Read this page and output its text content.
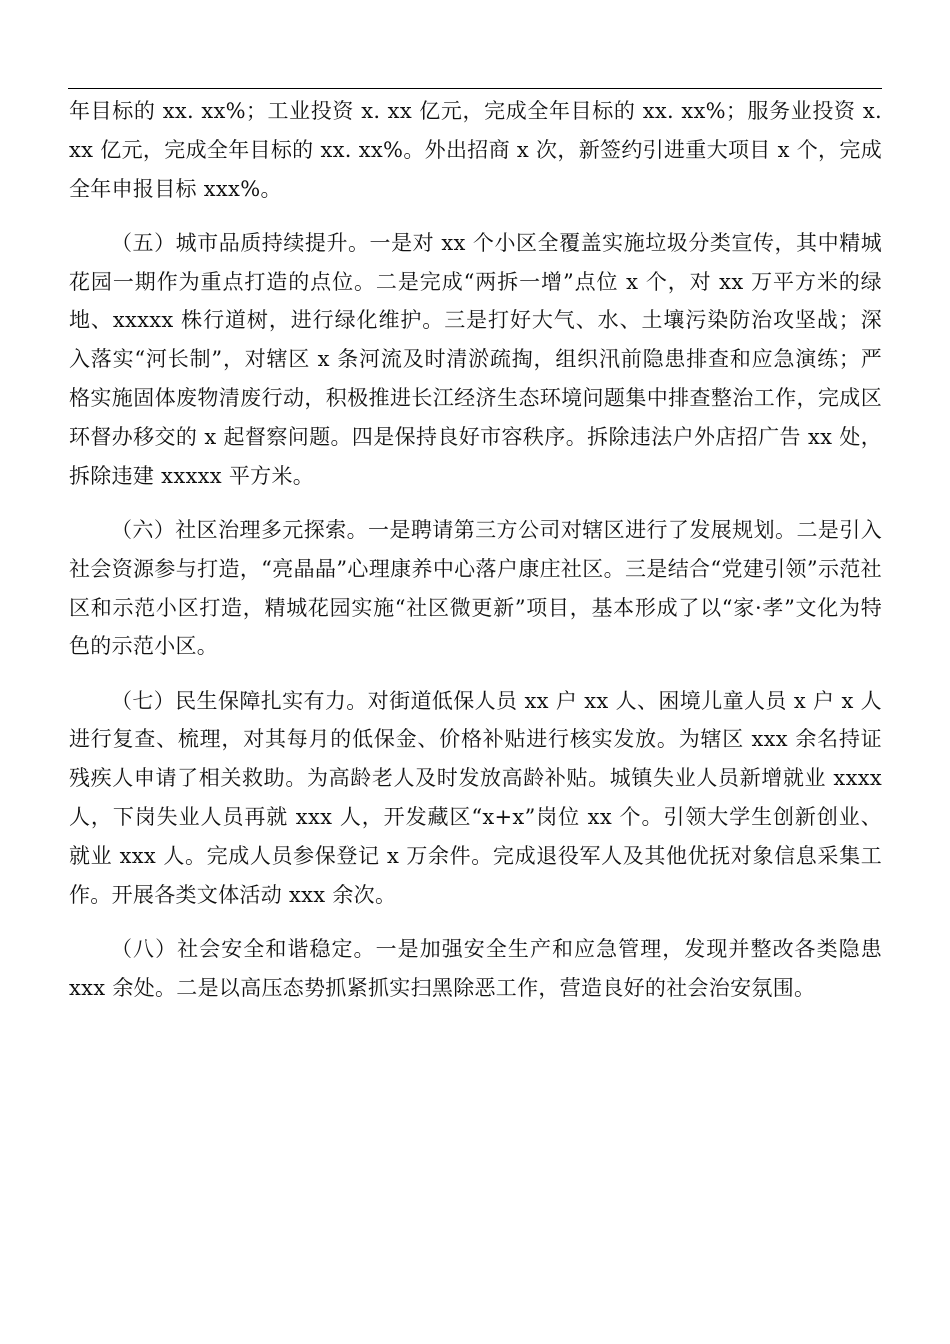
年目标的 xx. xx%；工业投资 x. xx 亿元，完成全年目标的 xx. xx%；服务业投资 x. xx 亿元，完成全年目标的 xx. xx%。外出招商 x 次，新签约引进重大项目 x 个，完成全年申报目标 xxx%。

（五）城市品质持续提升。一是对 xx 个小区全覆盖实施垃圾分类宣传，其中精城花园一期作为重点打造的点位。二是完成“两拆一增”点位 x 个，对 xx 万平方米的绿地、xxxxx 株行道树，进行绿化维护。三是打好大气、水、土壤污染防治攻坚战；深入落实“河长制”，对辖区 x 条河流及时清淤疏掏，组织汛前隐患排查和应急演练；严格实施固体废物清废行动，积极推进长江经济生态环境问题集中排查整治工作，完成区环督办移交的 x 起督察问题。四是保持良好市容秩序。拆除违法户外店招广告 xx 处，拆除违建 xxxxx 平方米。

（六）社区治理多元探索。一是聘请第三方公司对辖区进行了发展规划。二是引入社会资源参与打造，“亮晶晶”心理康养中心落户康庄社区。三是结合“党建引领”示范社区和示范小区打造，精城花园实施“社区微更新”项目，基本形成了以“家·孝”文化为特色的示范小区。

（七）民生保障扎实有力。对街道低保人员 xx 户 xx 人、困境儿童人员 x 户 x 人进行复查、梳理，对其每月的低保金、价格补贴进行核实发放。为辖区 xxx 余名持证残疾人申请了相关救助。为高龄老人及时发放高龄补贴。城镇失业人员新增就业 xxxx 人，下岗失业人员再就 xxx 人，开发藏区“x+x”岗位 xx 个。引领大学生创新创业、就业 xxx 人。完成人员参保登记 x 万余件。完成退役军人及其他优抚对象信息采集工作。开展各类文体活动 xxx 余次。

（八）社会安全和谐稳定。一是加强安全生产和应急管理，发现并整改各类隐患 xxx 余处。二是以高压态势抓紧抓实扫黑除恶工作，营造良好的社会治安氛围。
